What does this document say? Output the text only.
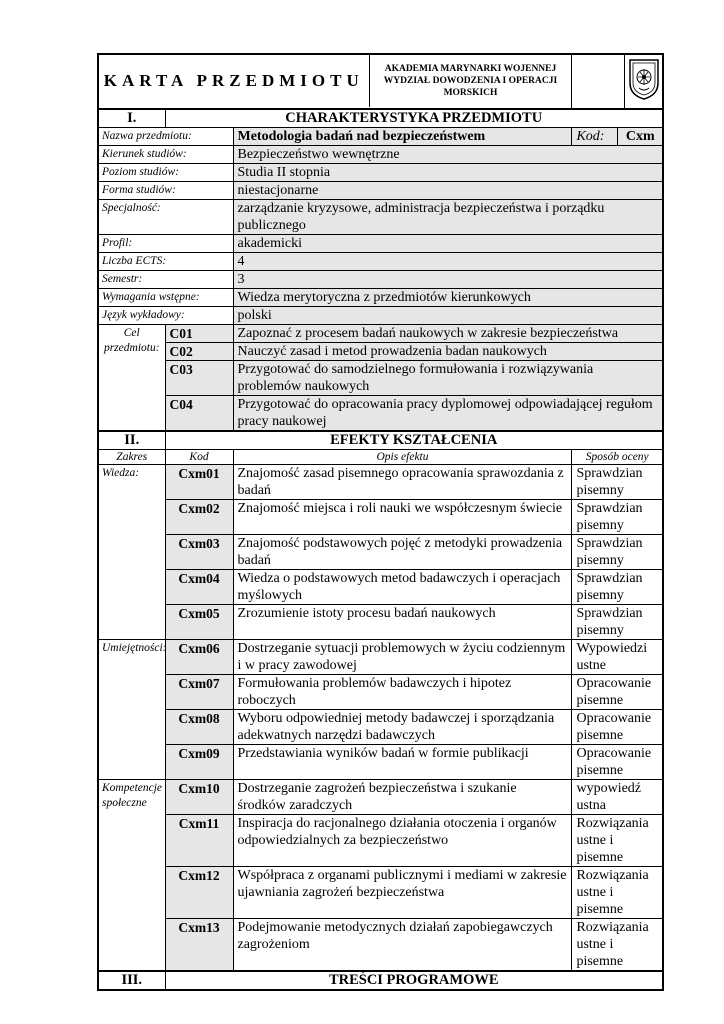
KARTA PRZEDMIOTU	
AKADEMIA MARYNARKI WOJENNEJ
WYDZIAŁ DOWODZENIA I OPERACJI MORSKICH

I.	CHARAKTERYSTYKA PRZEDMIOTU
Nazwa przedmiotu:	Metodologia badań nad bezpieczeństwem	Kod:	Cxm
Kierunek studiów:	Bezpieczeństwo wewnętrzne
Poziom studiów:	Studia II stopnia
Forma studiów:	niestacjonarne
Specjalność:	zarządzanie kryzysowe, administracja bezpieczeństwa i porządku publicznego
Profil:	akademicki
Liczba ECTS:	4
Semestr:	3
Wymagania wstępne:	Wiedza merytoryczna z przedmiotów kierunkowych
Język wykładowy:	polski
Cel przedmiotu:	C01	Zapoznać z procesem badań naukowych w zakresie bezpieczeństwa
C02	Nauczyć zasad i metod prowadzenia badan naukowych
C03	Przygotować do samodzielnego formułowania i rozwiązywania problemów naukowych
C04	Przygotować do opracowania pracy dyplomowej odpowiadającej regułom pracy naukowej
II.	EFEKTY KSZTAŁCENIA
Zakres	Kod	Opis efektu	Sposób oceny
Wiedza:	Cxm01	Znajomość zasad pisemnego opracowania sprawozdania z badań	Sprawdzian pisemny
Cxm02	Znajomość miejsca i roli nauki we współczesnym świecie	Sprawdzian pisemny
Cxm03	Znajomość podstawowych pojęć z metodyki prowadzenia badań	Sprawdzian pisemny
Cxm04	Wiedza o podstawowych metod badawczych i operacjach myślowych	Sprawdzian pisemny
Cxm05	Zrozumienie istoty procesu badań naukowych	Sprawdzian pisemny
Umiejętności:	Cxm06	Dostrzeganie sytuacji problemowych w życiu codziennym i w pracy zawodowej	Wypowiedzi ustne
Cxm07	Formułowania problemów badawczych i hipotez roboczych	Opracowanie pisemne
Cxm08	Wyboru odpowiedniej metody badawczej i sporządzania adekwatnych narzędzi badawczych	Opracowanie pisemne
Cxm09	Przedstawiania wyników badań w formie publikacji	Opracowanie pisemne
Kompetencje społeczne	Cxm10	Dostrzeganie zagrożeń bezpieczeństwa i szukanie środków zaradczych	wypowiedź ustna
Cxm11	Inspiracja do racjonalnego działania otoczenia i organów odpowiedzialnych za bezpieczeństwo	Rozwiązania ustne i pisemne
Cxm12	Współpraca z organami publicznymi i mediami w zakresie ujawniania zagrożeń bezpieczeństwa	Rozwiązania ustne i pisemne
Cxm13	Podejmowanie metodycznych działań zapobiegawczych zagrożeniom	Rozwiązania ustne i pisemne
III.	TREŚCI PROGRAMOWE
